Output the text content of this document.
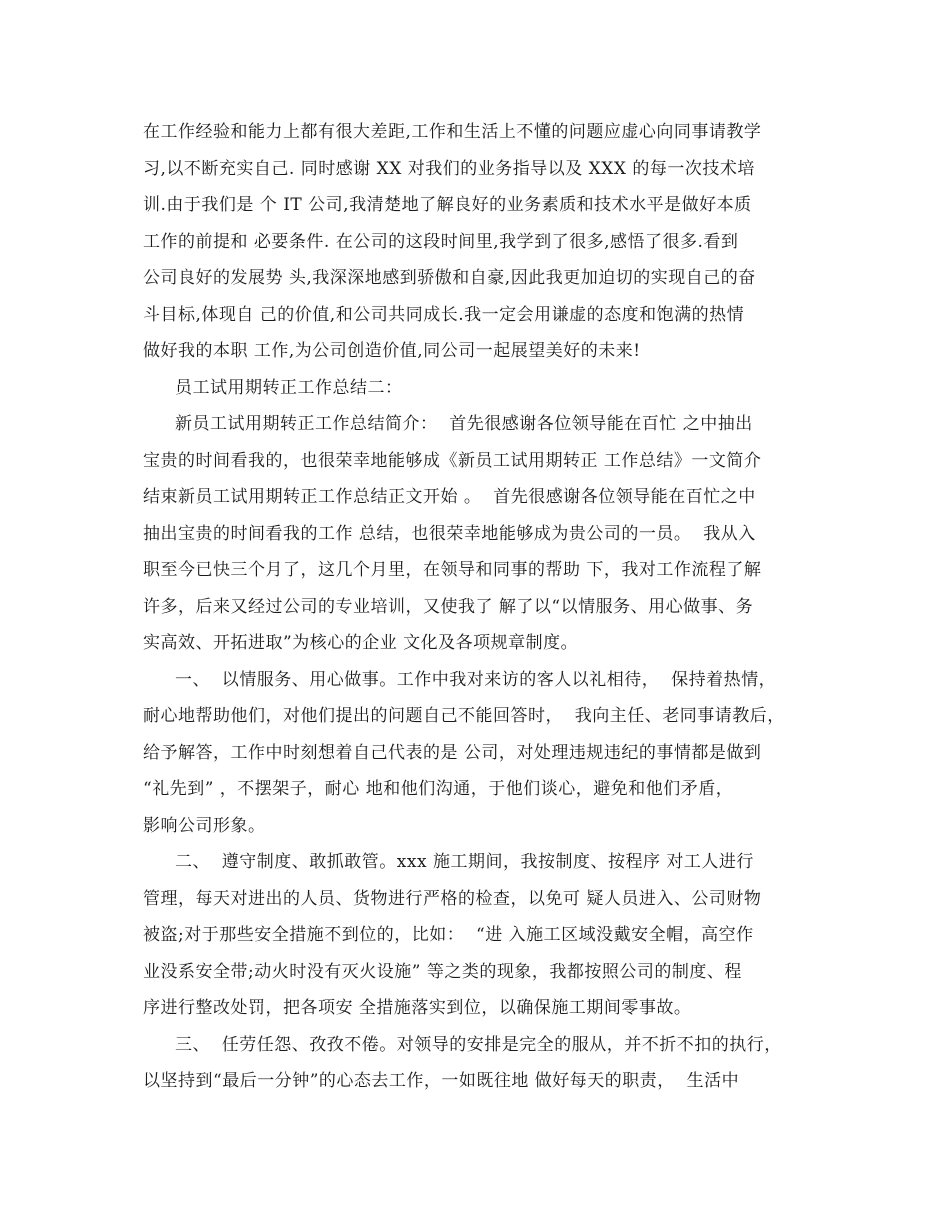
在工作经验和能力上都有很大差距,工作和生活上不懂的问题应虚心向同事请教学
习,以不断充实自己. 同时感谢 XX 对我们的业务指导以及 XXX 的每一次技术培
训.由于我们是 个 IT 公司,我清楚地了解良好的业务素质和技术水平是做好本质
工作的前提和 必要条件. 在公司的这段时间里,我学到了很多,感悟了很多.看到
公司良好的发展势 头,我深深地感到骄傲和自豪,因此我更加迫切的实现自己的奋
斗目标,体现自 己的价值,和公司共同成长.我一定会用谦虚的态度和饱满的热情
做好我的本职 工作,为公司创造价值,同公司一起展望美好的未来!
员工试用期转正工作总结二：
新员工试用期转正工作总结简介：  首先很感谢各位领导能在百忙 之中抽出
宝贵的时间看我的，也很荣幸地能够成《新员工试用期转正 工作总结》一文简介
结束新员工试用期转正工作总结正文开始 。  首先很感谢各位领导能在百忙之中
抽出宝贵的时间看我的工作 总结，也很荣幸地能够成为贵公司的一员。  我从入
职至今已快三个月了，这几个月里，在领导和同事的帮助 下，我对工作流程了解
许多，后来又经过公司的专业培训，又使我了 解了以“以情服务、用心做事、务
实高效、开拓进取”为核心的企业 文化及各项规章制度。
一、  以情服务、用心做事。工作中我对来访的客人以礼相待，  保持着热情，
耐心地帮助他们，对他们提出的问题自己不能回答时，  我向主任、老同事请教后，
给予解答，工作中时刻想着自己代表的是 公司，对处理违规违纪的事情都是做到
“礼先到” ，不摆架子，耐心 地和他们沟通，于他们谈心，避免和他们矛盾，
影响公司形象。
二、  遵守制度、敢抓敢管。xxx 施工期间，我按制度、按程序 对工人进行
管理，每天对进出的人员、货物进行严格的检查，以免可 疑人员进入、公司财物
被盗;对于那些安全措施不到位的，比如：  “进 入施工区域没戴安全帽，高空作
业没系安全带;动火时没有灭火设施” 等之类的现象，我都按照公司的制度、程
序进行整改处罚，把各项安 全措施落实到位，以确保施工期间零事故。
三、  任劳任怨、孜孜不倦。对领导的安排是完全的服从，并不折不扣的执行，
以坚持到“最后一分钟”的心态去工作，一如既往地 做好每天的职责，  生活中
